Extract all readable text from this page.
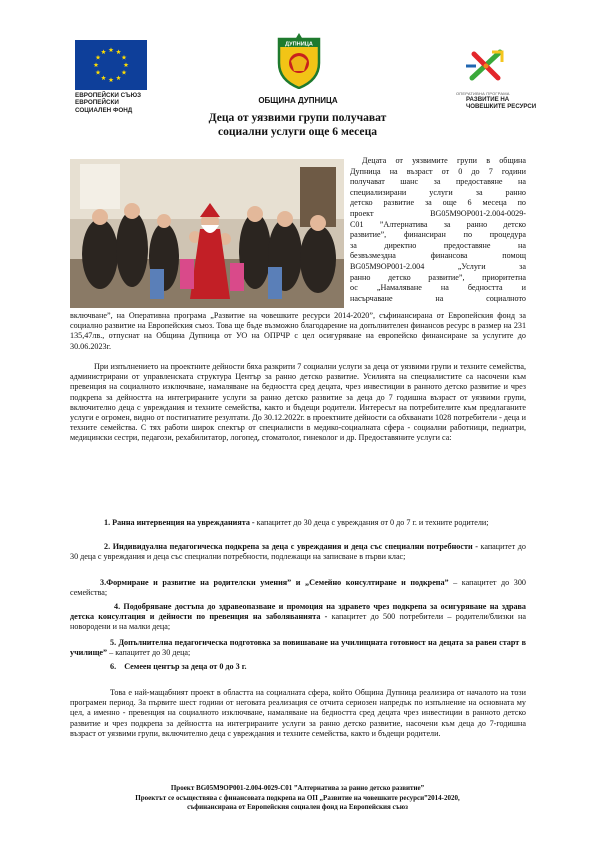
ЕВРОПЕЙСКИ СЪЮЗ
ЕВРОПЕЙСКИ
СОЦИАЛЕН ФОНД
ДУПНИЦА
ОБЩИНА ДУПНИЦА
ОПЕРАТИВНА ПРОГРАМА
РАЗВИТИЕ НА
ЧОВЕШКИТЕ РЕСУРСИ
Деца от уязвими групи получават
социални услуги още 6 месеца
Децата от уязвимите групи в община
Дупница на възраст от 0 до 7 години
получават шанс за предоставяне на
специализирани услуги за ранно
детско развитие за още 6 месеца по
проект BG05M9OP001-2.004-0029-
C01 ”Алтернатива за ранно детско
развитие”, финансиран по процедура
за директно предоставяне на
безвъзмездна финансова помощ
BG05M9OP001-2.004 „Услуги за
ранно детско развитие”, приоритетна
ос „Намаляване на бедността и
насърчаване на социалното
включване”, на Оперативна програма „Развитие на човешките ресурси 2014-2020”, съфинансирана от Европейския фонд за социално развитие на Европейския съюз. Това ще бъде възможно благодарение на допълнителен финансов ресурс в размер на 231 135,47лв., отпуснат на Община Дупница от УО на ОПРЧР с цел осигуряване на европейско финансиране за услугите до 30.06.2023г.
При изпълнението на проектните дейности бяха разкрити 7 социални услуги за деца от уязвими групи и техните семейства, администрирани от управленската структура Център за ранно детско развитие. Усилията на специалистите са насочени към превенция на социалното изключване, намаляване на бедността сред децата, чрез инвестиции в ранното детско развитие и чрез подкрепа за дейността на интегрираните услуги за ранно детско развитие за деца до 7 годишна възраст от уязвими групи, включително деца с увреждания и техните семейства, както и бъдещи родители. Интересът на потребителите към предлаганите услуги е огромен, видно от постигнатите резултати. До 30.12.2022г. в проектните дейности са обхванати 1028 потребители - деца и техните семейства. С тях работи широк спектър от специалисти в медико-социалната сфера - социални работници, педиатри, медицински сестри, педагози, рехабилитатор, логопед, стоматолог, гинеколог и др. Предоставяните услуги са:
1. Ранна интервенция на уврежданията - капацитет до 30 деца с увреждания от 0 до 7 г. и техните родители;
2. Индивидуална педагогическа подкрепа за деца с увреждания и деца със специални потребности - капацитет до 30 деца с увреждания и деца със специални потребности, подлежащи на записване в първи клас;
3.Формиране и развитие на родителски умения” и „Семейно консултиране и подкрепа” – капацитет до 300 семейства;
4. Подобряване достъпа до здравеопазване и промоция на здравето чрез подкрепа за осигуряване на здрава детска консултация и дейности по превенция на заболяванията - капацитет до 500 потребители – родители/близки на новородени и на малки деца;
5. Допълнителна педагогическа подготовка за повишаване на училищната готовност на децата за равен старт в училище” – капацитет до 30 деца;
6. Семеен център за деца от 0 до 3 г.
Това е най-мащабният проект в областта на социалната сфера, който Община Дупница реализира от началото на този програмен период. За първите шест години от неговата реализация се отчита сериозен напредък по изпълнение на основната му цел, а именно - превенция на социалното изключване, намаляване на бедността сред децата чрез инвестиции в ранното детско развитие и чрез подкрепа за дейността на интегрираните услуги за ранно детско развитие, насочени към деца до 7-годишна възраст от уязвими групи, включително деца с увреждания и техните семейства, както и бъдещи родители.
Проект BG05M9OP001-2.004-0029-C01 ”Алтернатива за ранно детско развитие”
Проектът се осъществява с финансовата подкрепа на ОП „Развитие на човешките ресурси”2014-2020,
съфинансирана от Европейския социален фонд на Европейския съюз
